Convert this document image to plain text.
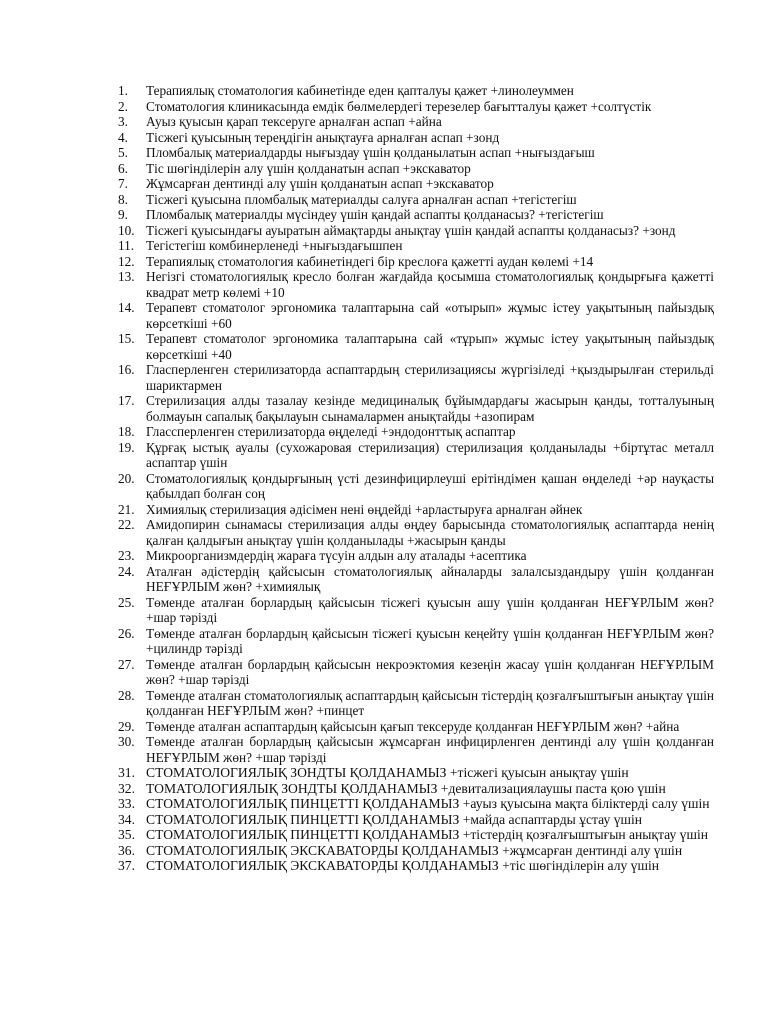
1. Терапиялық стоматология кабинетінде еден қапталуы қажет +линолеуммен
2. Стоматология клиникасында емдік бөлмелердегі терезелер бағытталуы қажет +солтүстік
3. Ауыз қуысын қарап тексеруге арналған аспап +айна
4. Тісжегі қуысының тереңдігін анықтауға арналған аспап +зонд
5. Пломбалық материалдарды нығыздау үшін қолданылатын аспап +нығыздағыш
6. Тіс шөгінділерін алу үшін қолданатын аспап +экскаватор
7. Жұмсарған дентинді алу үшін қолданатын аспап +экскаватор
8. Тісжегі қуысына пломбалық материалды салуға арналған аспап +тегістегіш
9. Пломбалық материалды мүсіндеу үшін қандай аспапты қолданасыз? +тегістегіш
10. Тісжегі қуысындағы ауыратын аймақтарды анықтау үшін қандай аспапты қолданасыз? +зонд
11. Тегістегіш комбинерленеді +нығыздағышпен
12. Терапиялық стоматология кабинетіндегі бір креслоға қажетті аудан көлемі +14
13. Негізгі стоматологиялық кресло болған жағдайда қосымша стоматологиялық қондырғыға қажетті квадрат метр көлемі +10
14. Терапевт стоматолог эргономика талаптарына сай «отырып» жұмыс істеу уақытының пайыздық көрсеткіші +60
15. Терапевт стоматолог эргономика талаптарына сай «тұрып» жұмыс істеу уақытының пайыздық көрсеткіші +40
16. Гласперленген стерилизаторда аспаптардың стерилизациясы жүргізіледі +қыздырылған стерильді шариктармен
17. Стерилизация алды тазалау кезінде медициналық бұйымдардағы жасырын қанды, тотталуының болмауын сапалық бақылауын сынамалармен анықтайды +азопирам
18. Глассперленген стерилизаторда өңделеді +эндодонттық аспаптар
19. Құрғақ ыстық ауалы (сухожаровая стерилизация) стерилизация қолданылады +біртұтас металл аспаптар үшін
20. Стоматологиялық қондырғының үсті дезинфицирлеуші ерітіндімен қашан өңделеді +әр науқасты қабылдап болған соң
21. Химиялық стерилизация әдісімен нені өңдейді +арластыруға арналған әйнек
22. Амидопирин сынамасы стерилизация алды өңдеу барысында стоматологиялық аспаптарда ненің қалған қалдығын анықтау үшін қолданылады +жасырын қанды
23. Микроорганизмдердің жараға түсуін алдын алу аталады +асептика
24. Аталған әдістердің қайсысын стоматологиялық айналарды залалсыздандыру үшін қолданған НЕҒҰРЛЫМ жөн? +химиялық
25. Төменде аталған борлардың қайсысын тісжегі қуысын ашу үшін қолданған НЕҒҰРЛЫМ жөн? +шар тәрізді
26. Төменде аталған борлардың қайсысын тісжегі қуысын кеңейту үшін қолданған НЕҒҰРЛЫМ жөн? +цилиндр тәрізді
27. Төменде аталған борлардың қайсысын некроэктомия кезеңін жасау үшін қолданған НЕҒҰРЛЫМ жөн? +шар тәрізді
28. Төменде аталған стоматологиялық аспаптардың қайсысын тістердің қозғалғыштығын анықтау үшін қолданған НЕҒҰРЛЫМ жөн? +пинцет
29. Төменде аталған аспаптардың қайсысын қағып тексеруде қолданған НЕҒҰРЛЫМ жөн? +айна
30. Төменде аталған борлардың қайсысын жұмсарған инфицирленген дентинді алу үшін қолданған НЕҒҰРЛЫМ жөн? +шар тәрізді
31. СТОМАТОЛОГИЯЛЫҚ ЗОНДТЫ ҚОЛДАНАМЫЗ +тісжегі қуысын анықтау үшін
32. ТОМАТОЛОГИЯЛЫҚ ЗОНДТЫ ҚОЛДАНАМЫЗ +девитализациялаушы паста қою үшін
33. СТОМАТОЛОГИЯЛЫҚ ПИНЦЕТТІ ҚОЛДАНАМЫЗ +ауыз қуысына мақта біліктерді салу үшін
34. СТОМАТОЛОГИЯЛЫҚ ПИНЦЕТТІ ҚОЛДАНАМЫЗ +майда аспаптарды ұстау үшін
35. СТОМАТОЛОГИЯЛЫҚ ПИНЦЕТТІ ҚОЛДАНАМЫЗ +тістердің қозғалғыштығын анықтау үшін
36. СТОМАТОЛОГИЯЛЫҚ ЭКСКАВАТОРДЫ ҚОЛДАНАМЫЗ +жұмсарған дентинді алу үшін
37. СТОМАТОЛОГИЯЛЫҚ ЭКСКАВАТОРДЫ ҚОЛДАНАМЫЗ +тіс шөгінділерін алу үшін
